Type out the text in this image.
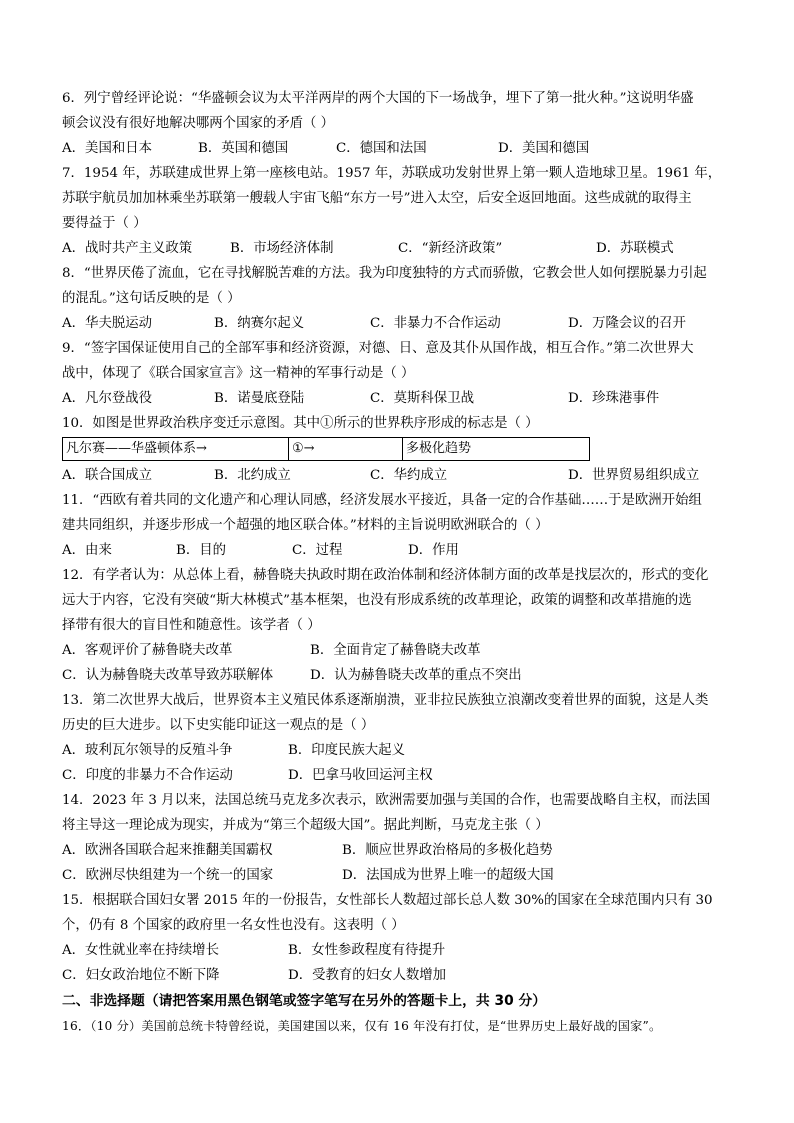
6．列宁曾经评论说：“华盛顿会议为太平洋两岸的两个大国的下一场战争，埋下了第一批火种。”这说明华盛
顿会议没有很好地解决哪两个国家的矛盾（ ）
A．美国和日本	B．英国和德国	C．德国和法国	D．美国和德国
7．1954 年，苏联建成世界上第一座核电站。1957 年，苏联成功发射世界上第一颗人造地球卫星。1961 年，
苏联宇航员加加林乘坐苏联第一艘载人宇宙飞船“东方一号”进入太空，后安全返回地面。这些成就的取得主
要得益于（ ）
A．战时共产主义政策	B．市场经济体制	C．“新经济政策”	D．苏联模式
8．“世界厌倦了流血，它在寻找解脱苦难的方法。我为印度独特的方式而骄傲，它教会世人如何摆脱暴力引起
的混乱。”这句话反映的是（ ）
A．华夫脱运动	B．纳赛尔起义	C．非暴力不合作运动	D．万隆会议的召开
9．“签字国保证使用自己的全部军事和经济资源，对德、日、意及其仆从国作战，相互合作。”第二次世界大
战中，体现了《联合国家宣言》这一精神的军事行动是（ ）
A．凡尔登战役	B．诺曼底登陆	C．莫斯科保卫战	D．珍珠港事件
10．如图是世界政治秩序变迁示意图。其中①所示的世界秩序形成的标志是（ ）
凡尔赛——华盛顿体系→	①→	多极化趋势
A．联合国成立	B．北约成立	C．华约成立	D．世界贸易组织成立
11．“西欧有着共同的文化遗产和心理认同感，经济发展水平接近，具备一定的合作基础……于是欧洲开始组
建共同组织，并逐步形成一个超强的地区联合体。”材料的主旨说明欧洲联合的（ ）
A．由来	B．目的	C．过程	D．作用
12．有学者认为：从总体上看，赫鲁晓夫执政时期在政治体制和经济体制方面的改革是找层次的，形式的变化
远大于内容，它没有突破“斯大林模式”基本框架，也没有形成系统的改革理论，政策的调整和改革措施的选
择带有很大的盲目性和随意性。该学者（ ）
A．客观评价了赫鲁晓夫改革	B．全面肯定了赫鲁晓夫改革
C．认为赫鲁晓夫改革导致苏联解体	D．认为赫鲁晓夫改革的重点不突出
13．第二次世界大战后，世界资本主义殖民体系逐渐崩溃，亚非拉民族独立浪潮改变着世界的面貌，这是人类
历史的巨大进步。以下史实能印证这一观点的是（ ）
A．玻利瓦尔领导的反殖斗争	B．印度民族大起义
C．印度的非暴力不合作运动	D．巴拿马收回运河主权
14．2023 年 3 月以来，法国总统马克龙多次表示，欧洲需要加强与美国的合作，也需要战略自主权，而法国
将主导这一理论成为现实，并成为“第三个超级大国”。据此判断，马克龙主张（ ）
A．欧洲各国联合起来推翻美国霸权	B．顺应世界政治格局的多极化趋势
C．欧洲尽快组建为一个统一的国家	D．法国成为世界上唯一的超级大国
15．根据联合国妇女署 2015 年的一份报告，女性部长人数超过部长总人数 30%的国家在全球范围内只有 30
个，仍有 8 个国家的政府里一名女性也没有。这表明（ ）
A．女性就业率在持续增长	B．女性参政程度有待提升
C．妇女政治地位不断下降	D．受教育的妇女人数增加
二、非选择题（请把答案用黑色钢笔或签字笔写在另外的答题卡上，共 30 分）
16．（10 分）美国前总统卡特曾经说，美国建国以来，仅有 16 年没有打仗，是“世界历史上最好战的国家”。
